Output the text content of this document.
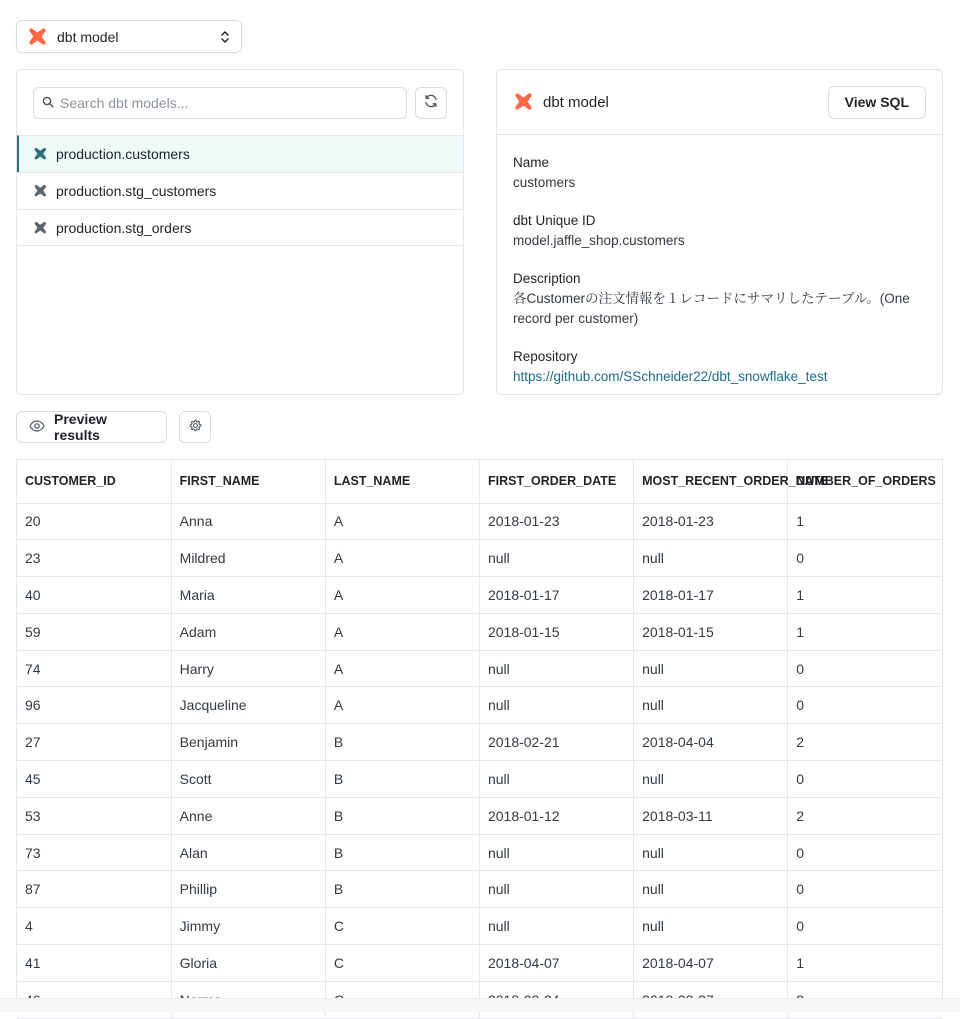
dbt model
Search dbt models...
production.customers
production.stg_customers
production.stg_orders
dbt model	View SQL
Name
customers
dbt Unique ID
model.jaffle_shop.customers
Description
各Customerの注文情報を１レコードにサマリしたテーブル。(One record per customer)
Repository
https://github.com/SSchneider22/dbt_snowflake_test
Preview results
CUSTOMER_ID	FIRST_NAME	LAST_NAME	FIRST_ORDER_DATE	MOST_RECENT_ORDER_DATE	NUMBER_OF_ORDERS
20	Anna	A	2018-01-23	2018-01-23	1
23	Mildred	A	null	null	0
40	Maria	A	2018-01-17	2018-01-17	1
59	Adam	A	2018-01-15	2018-01-15	1
74	Harry	A	null	null	0
96	Jacqueline	A	null	null	0
27	Benjamin	B	2018-02-21	2018-04-04	2
45	Scott	B	null	null	0
53	Anne	B	2018-01-12	2018-03-11	2
73	Alan	B	null	null	0
87	Phillip	B	null	null	0
4	Jimmy	C	null	null	0
41	Gloria	C	2018-04-07	2018-04-07	1
